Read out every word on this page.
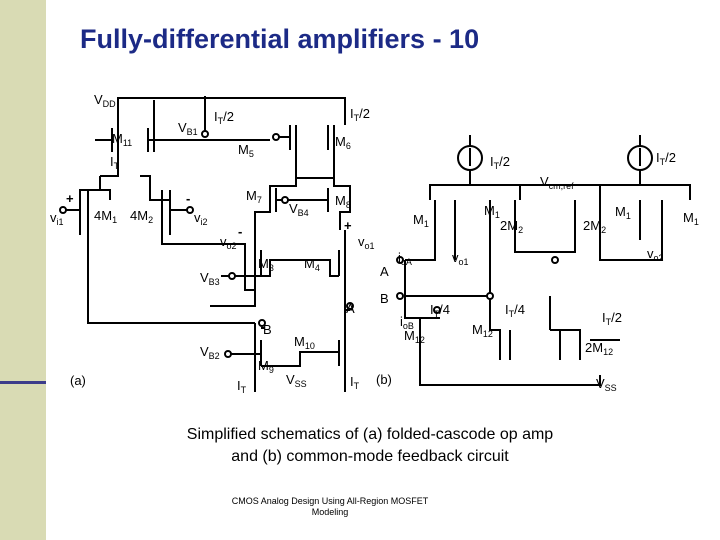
Fully-differential amplifiers - 10
$V_{DD}$
$V_{B1}$
$I_T/2$	$I_T/2$
$M_{11}$	$M_5$
$M_6$
$I_T$
$M_7$	$M_8$
$V_{B4}$
+	-
$v_{i1}$	$v_{i2}$
$4M_1$ $4M_2$
-	+
$v_{o2}$	$v_{o1}$
$V_{B3}$
$M_3$ $M_4$
A
B
$M_{10}$
$V_{B2}$
$M_9$
$I_T$
$V_{SS}$	$I_T$
(a)
$I_T/2$	$I_T/2$
$V_{cm,ref}$
$M_1$
$M_1$
$2M_2$	$2M_2$
$M_1$	$M_1$
$v_{o1}$
$v_{o2}$
A
$i_{oA}$
B
$i_{oB}$
$I_T/4$	$I_T/4$
$M_{12}$
$M_{12}$
$I_T/2$
$2M_{12}$
$V_{SS}$
(b)
Simplified schematics of (a) folded-cascode op amp
and (b) common-mode feedback circuit
CMOS Analog Design Using All-Region MOSFET
Modeling
